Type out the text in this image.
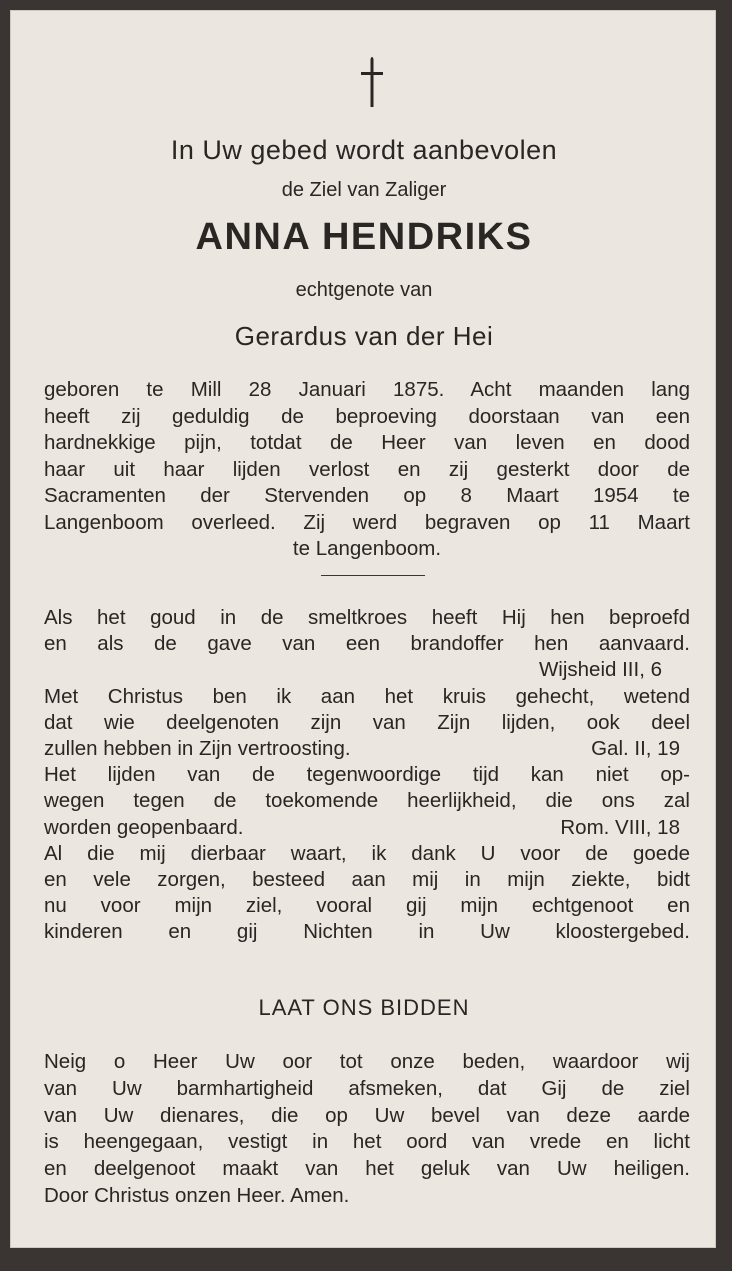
In Uw gebed wordt aanbevolen
de Ziel van Zaliger
ANNA HENDRIKS
echtgenote van
Gerardus van der Hei
geboren te Mill 28 Januari 1875. Acht maanden lang
heeft zij geduldig de beproeving doorstaan van een
hardnekkige pijn, totdat de Heer van leven en dood
haar uit haar lijden verlost en zij gesterkt door de
Sacramenten der Stervenden op 8 Maart 1954 te
Langenboom overleed. Zij werd begraven op 11 Maart
te Langenboom.
Als het goud in de smeltkroes heeft Hij hen beproefd
en als de gave van een brandoffer hen aanvaard.
Wijsheid III, 6
Met Christus ben ik aan het kruis gehecht, wetend
dat wie deelgenoten zijn van Zijn lijden, ook deel
zullen hebben in Zijn vertroosting.	Gal. II, 19
Het lijden van de tegenwoordige tijd kan niet op-
wegen tegen de toekomende heerlijkheid, die ons zal
worden geopenbaard.	Rom. VIII, 18
Al die mij dierbaar waart, ik dank U voor de goede
en vele zorgen, besteed aan mij in mijn ziekte, bidt
nu voor mijn ziel, vooral gij mijn echtgenoot en
kinderen en gij Nichten in Uw kloostergebed.
LAAT ONS BIDDEN
Neig o Heer Uw oor tot onze beden, waardoor wij
van Uw barmhartigheid afsmeken, dat Gij de ziel
van Uw dienares, die op Uw bevel van deze aarde
is heengegaan, vestigt in het oord van vrede en licht
en deelgenoot maakt van het geluk van Uw heiligen.
Door Christus onzen Heer. Amen.
